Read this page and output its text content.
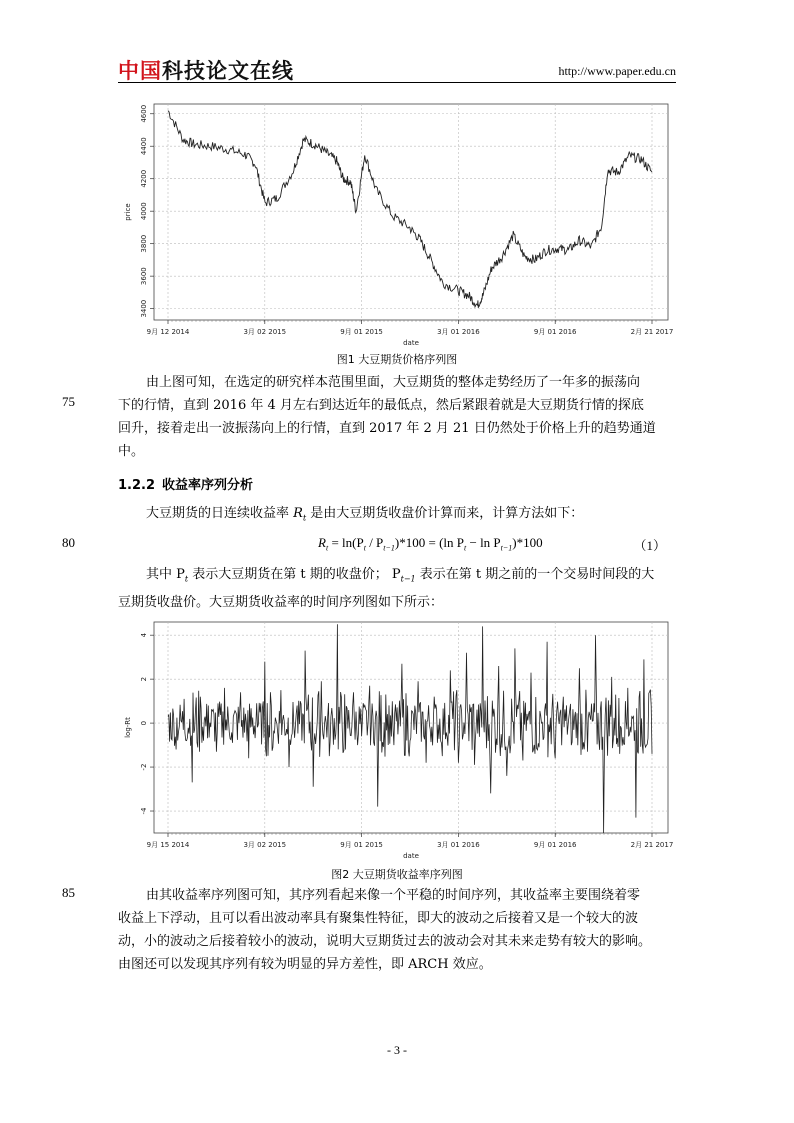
中国科技论文在线	http://www.paper.edu.cn
9月 12 2014	3月 02 2015	9月 01 2015	3月 01 2016	9月 01 2016	2月 21 2017
3400
3600
3800
4000
4200
4400
4600
date
price
图1 大豆期货价格序列图
由上图可知，在选定的研究样本范围里面，大豆期货的整体走势经历了一年多的振荡向
下的行情，直到 2016 年 4 月左右到达近年的最低点，然后紧跟着就是大豆期货行情的探底
回升，接着走出一波振荡向上的行情，直到 2017 年 2 月 21 日仍然处于价格上升的趋势通道
中。
75
1.2.2 收益率序列分析
大豆期货的日连续收益率 $R_t$ 是由大豆期货收盘价计算而来，计算方法如下：
80	$R_t = \ln(P_t / P_{t-1})*100 = (\ln$ $P_t - \ln P_{t-1})*100$	（1）
其中 $P_t$ 表示大豆期货在第 t 期的收盘价； $P_{t-1}$ 表示在第 t 期之前的一个交易时间段的大
豆期货收盘价。大豆期货收益率的时间序列图如下所示：
9月 15 2014	3月 02 2015	9月 01 2015	3月 01 2016	9月 01 2016	2月 21 2017
-4
-2
0
2
4
date
log-Rt
图2 大豆期货收益率序列图
85	由其收益率序列图可知，其序列看起来像一个平稳的时间序列，其收益率主要围绕着零
收益上下浮动，且可以看出波动率具有聚集性特征，即大的波动之后接着又是一个较大的波
动，小的波动之后接着较小的波动，说明大豆期货过去的波动会对其未来走势有较大的影响。
由图还可以发现其序列有较为明显的异方差性，即 ARCH 效应。
- 3 -
